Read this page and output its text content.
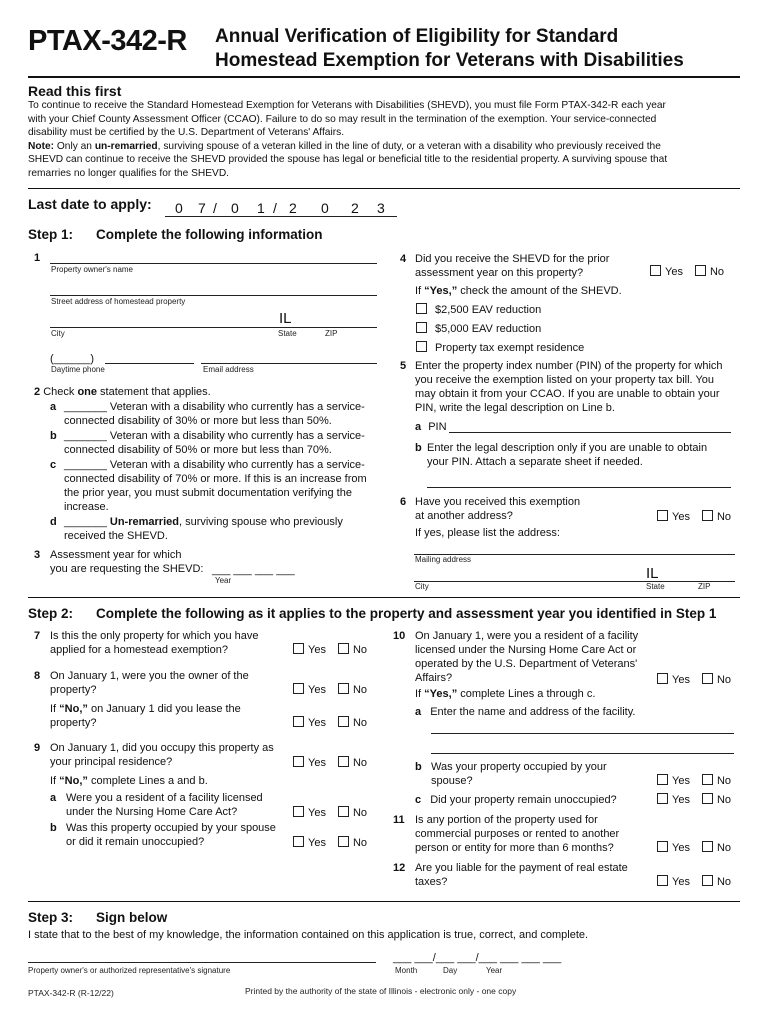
PTAX-342-R Annual Verification of Eligibility for Standard
Homestead Exemption for Veterans with Disabilities
Read this first
To continue to receive the Standard Homestead Exemption for Veterans with Disabilities (SHEVD), you must file Form PTAX-342-R each year
with your Chief County Assessment Officer (CCAO). Failure to do so may result in the termination of the exemption. Your service-connected
disability must be certified by the U.S. Department of Veterans' Affairs.
Note: Only an un-remarried, surviving spouse of a veteran killed in the line of duty, or a veteran with a disability who previously received the
SHEVD can continue to receive the SHEVD provided the spouse has legal or beneficial title to the residential property. A surviving spouse that
remarries no longer qualifies for the SHEVD.
Last date to apply: 0 7 / 0 1 / 2 0 2 3
Step 1: Complete the following information
1
Property owner's name
Street address of homestead property
IL
City	State	ZIP
(______)
Daytime phone	Email address
2 Check one statement that applies.
a _______ Veteran with a disability who currently has a service-
connected disability of 30% or more but less than 50%.
b _______ Veteran with a disability who currently has a service-
connected disability of 50% or more but less than 70%.
c _______ Veteran with a disability who currently has a service-
connected disability of 70% or more. If this is an increase from
the prior year, you must submit documentation verifying the
increase.
d _______ Un-remarried, surviving spouse who previously
received the SHEVD.
3 Assessment year for which
you are requesting the SHEVD: ___ ___ ___ ___
Year
4 Did you receive the SHEVD for the prior
assessment year on this property?	Yes No
If “Yes,” check the amount of the SHEVD.
$2,500 EAV reduction
$5,000 EAV reduction
Property tax exempt residence
5 Enter the property index number (PIN) of the property for which
you receive the exemption listed on your property tax bill. You
may obtain it from your CCAO. If you are unable to obtain your
PIN, write the legal description on Line b.
a PIN
b Enter the legal description only if you are unable to obtain
your PIN. Attach a separate sheet if needed.
6 Have you received this exemption
at another address?	Yes No
If yes, please list the address:
Mailing address
IL
City	State	ZIP
Step 2: Complete the following as it applies to the property and assessment year you identified in Step 1
7 Is this the only property for which you have
applied for a homestead exemption?	Yes No
8 On January 1, were you the owner of the
property?	Yes No
If “No,” on January 1 did you lease the
property?	Yes No
9 On January 1, did you occupy this property as
your principal residence?	Yes No
If “No,” complete Lines a and b.
a Were you a resident of a facility licensed
under the Nursing Home Care Act?	Yes No
b Was this property occupied by your spouse
or did it remain unoccupied?	Yes No
10 On January 1, were you a resident of a facility
licensed under the Nursing Home Care Act or
operated by the U.S. Department of Veterans'
Affairs?	Yes No
If “Yes,” complete Lines a through c.
a Enter the name and address of the facility.
b Was your property occupied by your
spouse?	Yes No
c Did your property remain unoccupied?	Yes No
11 Is any portion of the property used for
commercial purposes or rented to another
person or entity for more than 6 months?	Yes No
12 Are you liable for the payment of real estate
taxes?	Yes No
Step 3: Sign below
I state that to the best of my knowledge, the information contained on this application is true, correct, and complete.
___ ___/___ ___/___ ___ ___ ___
Property owner's or authorized representative's signature	Month	Day	Year
PTAX-342-R (R-12/22)	Printed by the authority of the state of Illinois - electronic only - one copy
